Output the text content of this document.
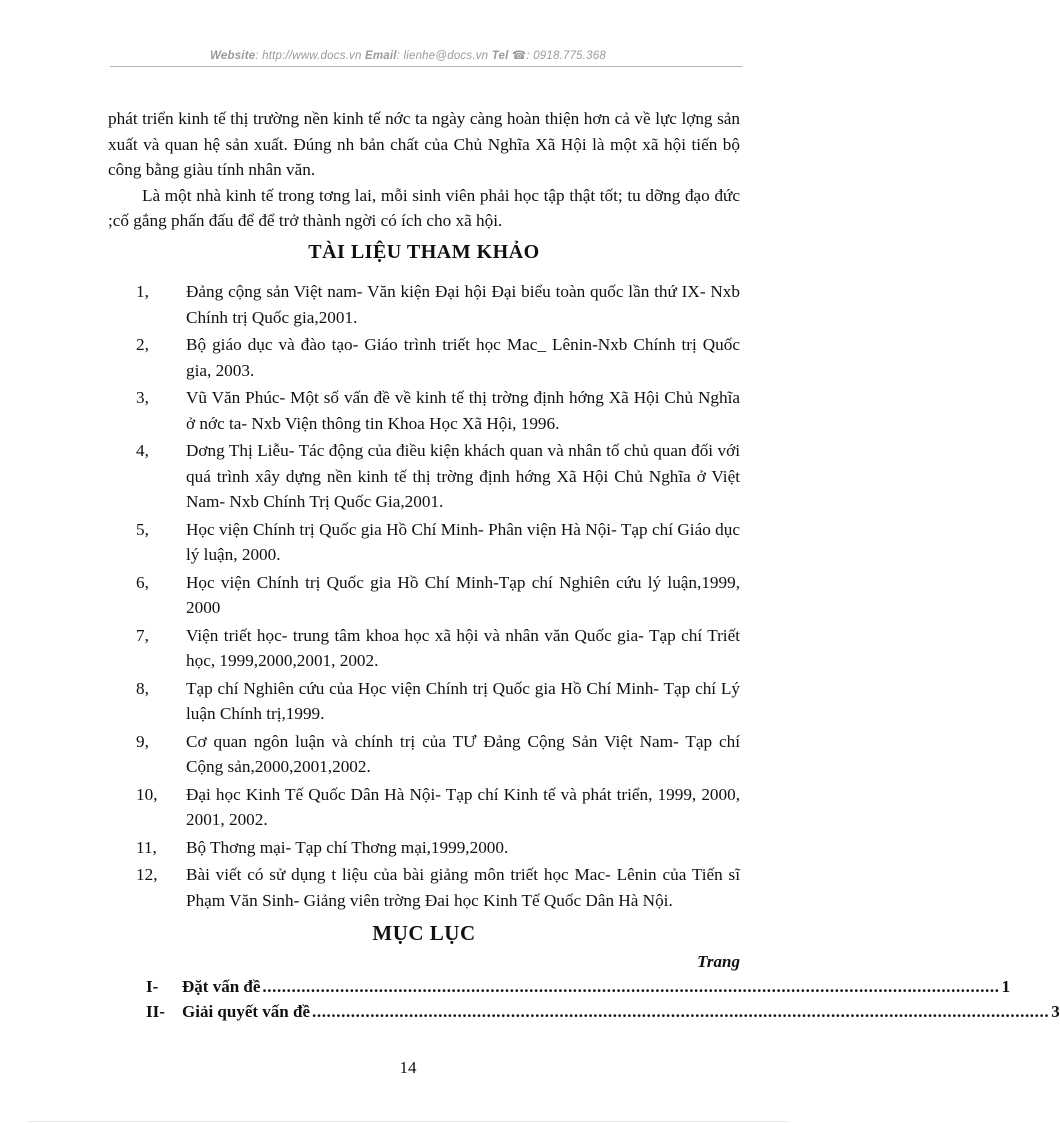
Website: http://www.docs.vn Email: lienhe@docs.vn Tel ☎: 0918.775.368

phát triển kinh tế thị trường nền kinh tế nớc ta ngày càng hoàn thiện hơn cả về lực lợng sản xuất và quan hệ sản xuất. Đúng nh bản chất của Chủ Nghĩa Xã Hội là một xã hội tiến bộ công bằng giàu tính nhân văn.

Là một nhà kinh tế trong tơng lai, mỗi sinh viên phải học tập thật tốt; tu dỡng đạo đức ;cố gắng phấn đấu để để trở thành ngời có ích cho xã hội.

TÀI LIỆU THAM KHẢO
1,	Đảng cộng sản Việt nam- Văn kiện Đại hội Đại biểu toàn quốc lần thứ IX- Nxb Chính trị Quốc gia,2001.
2,	Bộ giáo dục và đào tạo- Giáo trình triết học Mac_ Lênin-Nxb Chính trị Quốc gia, 2003.
3,	Vũ Văn Phúc- Một số vấn đề về kinh tế thị trờng định hớng Xã Hội Chủ Nghĩa ở nớc ta- Nxb Viện thông tin Khoa Học Xã Hội, 1996.
4,	Dơng Thị Liễu- Tác động của điều kiện khách quan và nhân tố chủ quan đối với quá trình xây dựng nền kinh tế thị trờng định hớng Xã Hội Chủ Nghĩa ở Việt Nam- Nxb Chính Trị Quốc Gia,2001.
5,	Học viện Chính trị Quốc gia Hồ Chí Minh- Phân viện Hà Nội- Tạp chí Giáo dục lý luận, 2000.
6,	Học viện Chính trị Quốc gia Hồ Chí Minh-Tạp chí Nghiên cứu lý luận,1999, 2000
7,	Viện triết học- trung tâm khoa học xã hội và nhân văn Quốc gia- Tạp chí Triết học, 1999,2000,2001, 2002.
8,	Tạp chí Nghiên cứu của Học viện Chính trị Quốc gia Hồ Chí Minh- Tạp chí Lý luận Chính trị,1999.
9,	Cơ quan ngôn luận và chính trị của TƯ Đảng Cộng Sản Việt Nam- Tạp chí Cộng sản,2000,2001,2002.
10,	Đại học Kinh Tế Quốc Dân Hà Nội- Tạp chí Kinh tế và phát triển, 1999, 2000, 2001, 2002.
11,	Bộ Thơng mại- Tạp chí Thơng mại,1999,2000.
12,	Bài viết có sử dụng t liệu của bài giảng môn triết học Mac- Lênin của Tiến sĩ Phạm Văn Sinh- Giảng viên trờng Đai học Kinh Tế Quốc Dân Hà Nội.
MỤC LỤC
Trang
I-	Đặt vấn đề ........................................................................................................................................................ 1
II-	Giải quyết vấn đề ........................................................................................................................................................ 3
14
